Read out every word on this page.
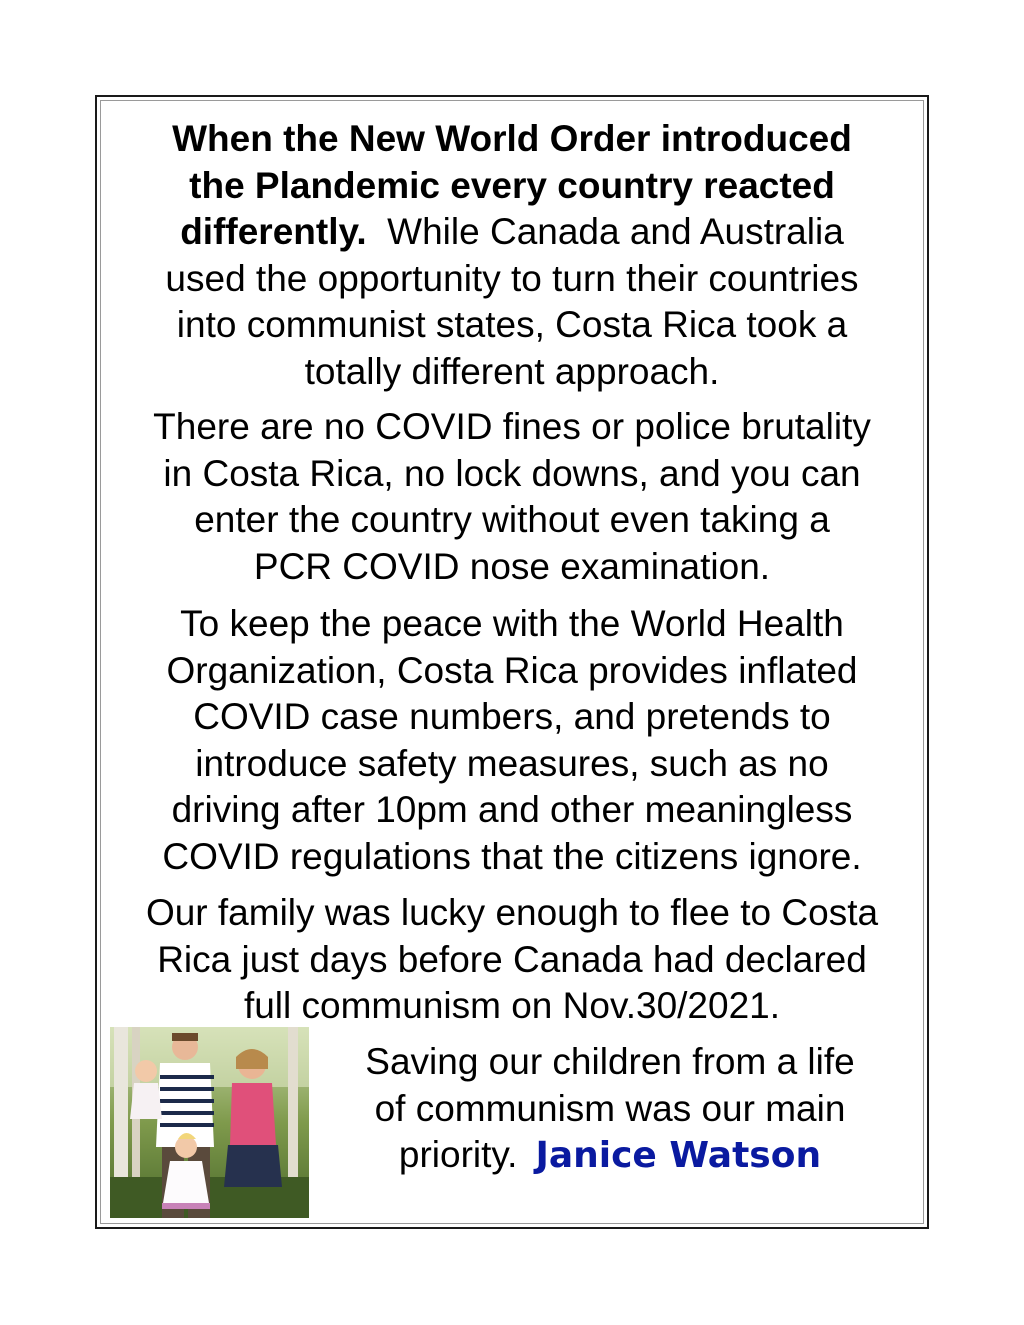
When the New World Order introduced
the Plandemic every country reacted
differently. While Canada and Australia
used the opportunity to turn their countries
into communist states, Costa Rica took a
totally different approach.

There are no COVID fines or police brutality
in Costa Rica, no lock downs, and you can
enter the country without even taking a
PCR COVID nose examination.

To keep the peace with the World Health
Organization, Costa Rica provides inflated
COVID case numbers, and pretends to
introduce safety measures, such as no
driving after 10pm and other meaningless
COVID regulations that the citizens ignore.

Our family was lucky enough to flee to Costa
Rica just days before Canada had declared
full communism on Nov.30/2021.

Saving our children from a life
of communism was our main
priority. Janice Watson
